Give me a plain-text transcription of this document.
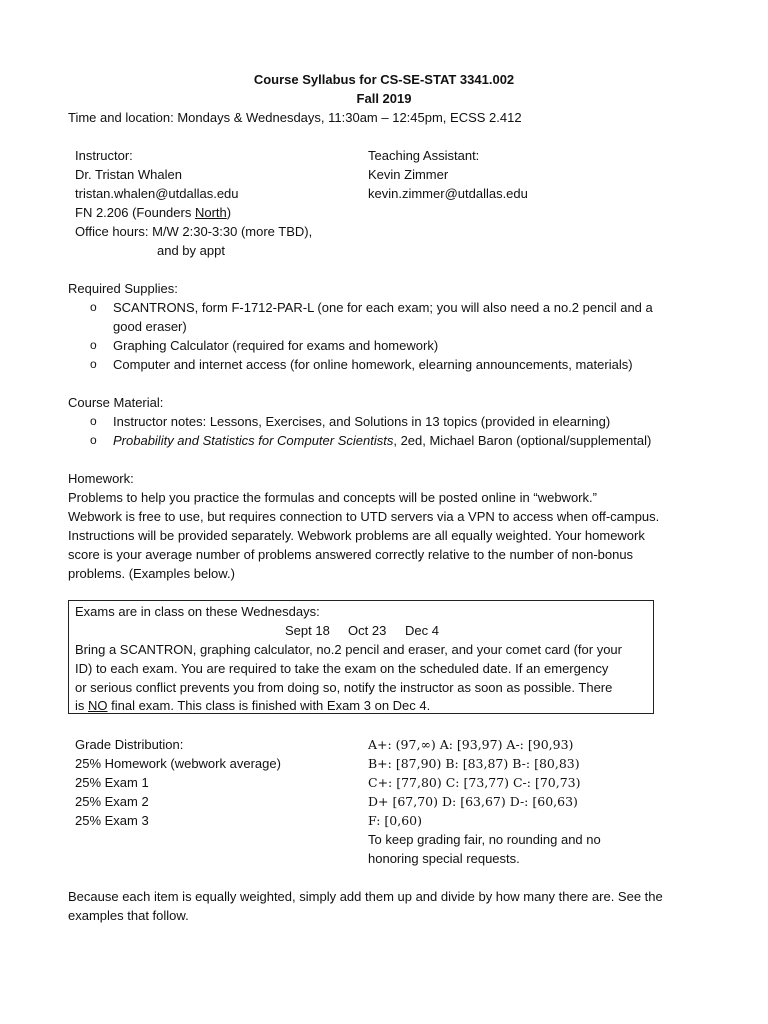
Course Syllabus for CS-SE-STAT 3341.002
Fall 2019
Time and location: Mondays & Wednesdays, 11:30am – 12:45pm, ECSS 2.412
Instructor:
Dr. Tristan Whalen
tristan.whalen@utdallas.edu
FN 2.206 (Founders North)
Office hours: M/W 2:30-3:30 (more TBD),
and by appt
Teaching Assistant:
Kevin Zimmer
kevin.zimmer@utdallas.edu
Required Supplies:
o SCANTRONS, form F-1712-PAR-L (one for each exam; you will also need a no.2 pencil and a
good eraser)
o Graphing Calculator (required for exams and homework)
o Computer and internet access (for online homework, elearning announcements, materials)
Course Material:
o Instructor notes: Lessons, Exercises, and Solutions in 13 topics (provided in elearning)
o Probability and Statistics for Computer Scientists, 2ed, Michael Baron (optional/supplemental)
Homework:
Problems to help you practice the formulas and concepts will be posted online in “webwork.”
Webwork is free to use, but requires connection to UTD servers via a VPN to access when off-campus.
Instructions will be provided separately. Webwork problems are all equally weighted. Your homework
score is your average number of problems answered correctly relative to the number of non-bonus
problems. (Examples below.)
Exams are in class on these Wednesdays:
Sept 18 Oct 23 Dec 4
Bring a SCANTRON, graphing calculator, no.2 pencil and eraser, and your comet card (for your
ID) to each exam. You are required to take the exam on the scheduled date. If an emergency
or serious conflict prevents you from doing so, notify the instructor as soon as possible. There
is NO final exam. This class is finished with Exam 3 on Dec 4.
Grade Distribution:
25% Homework (webwork average)
25% Exam 1
25% Exam 2
25% Exam 3
A+: (97,∞) A: [93,97) A-: [90,93)
B+: [87,90) B: [83,87) B-: [80,83)
C+: [77,80) C: [73,77) C-: [70,73)
D+ [67,70) D: [63,67) D-: [60,63)
F: [0,60)
To keep grading fair, no rounding and no
honoring special requests.
Because each item is equally weighted, simply add them up and divide by how many there are. See the
examples that follow.
